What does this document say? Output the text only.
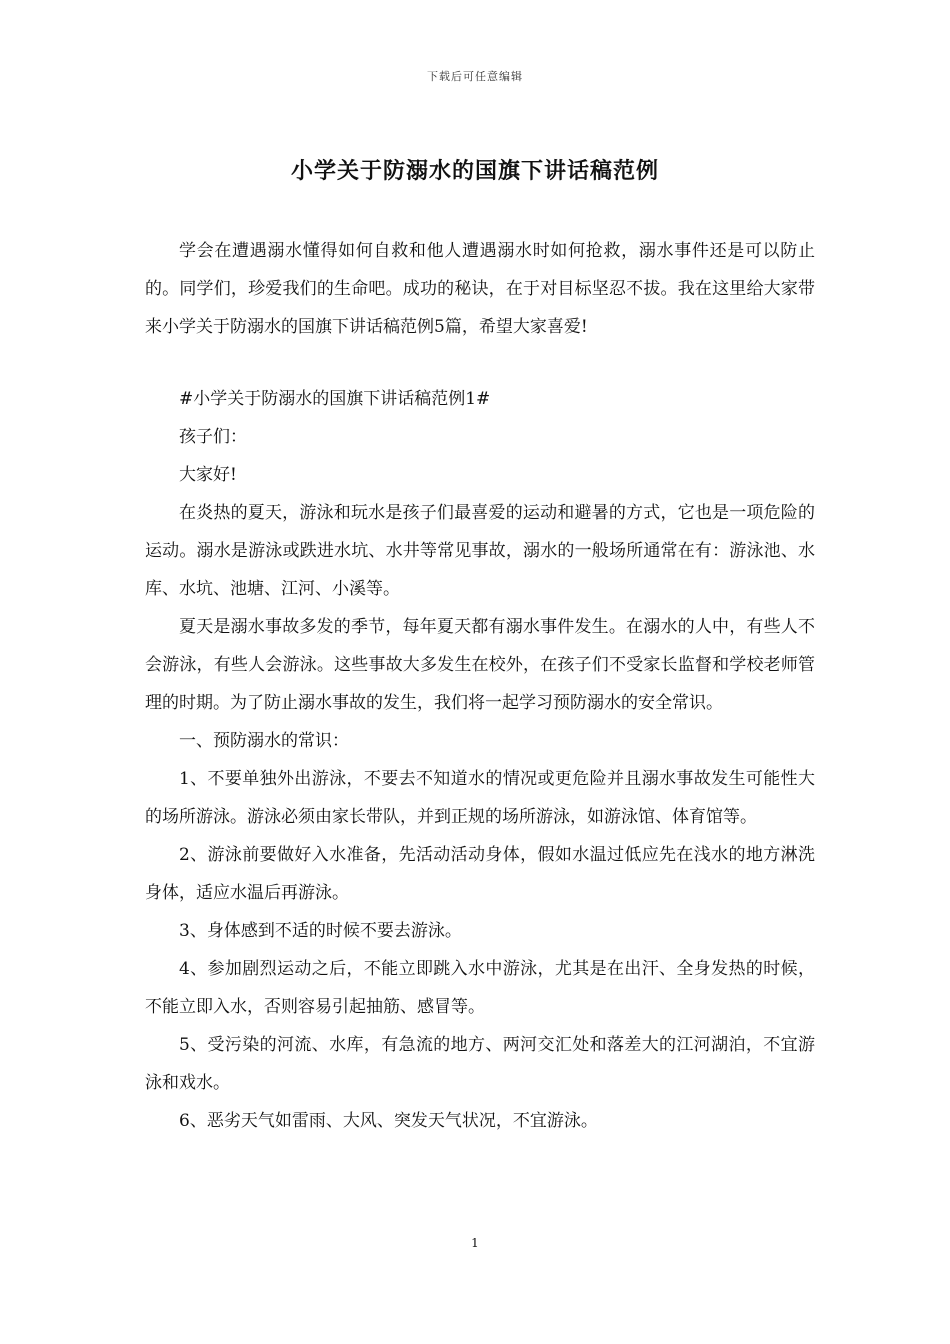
下载后可任意编辑
小学关于防溺水的国旗下讲话稿范例

学会在遭遇溺水懂得如何自救和他人遭遇溺水时如何抢救，溺水事件还是可以防止的。同学们，珍爱我们的生命吧。成功的秘诀，在于对目标坚忍不拔。我在这里给大家带来小学关于防溺水的国旗下讲话稿范例5篇，希望大家喜爱!

#小学关于防溺水的国旗下讲话稿范例1#

孩子们：

大家好!

在炎热的夏天，游泳和玩水是孩子们最喜爱的运动和避暑的方式，它也是一项危险的运动。溺水是游泳或跌进水坑、水井等常见事故，溺水的一般场所通常在有：游泳池、水库、水坑、池塘、江河、小溪等。

夏天是溺水事故多发的季节，每年夏天都有溺水事件发生。在溺水的人中，有些人不会游泳，有些人会游泳。这些事故大多发生在校外，在孩子们不受家长监督和学校老师管理的时期。为了防止溺水事故的发生，我们将一起学习预防溺水的安全常识。

一、预防溺水的常识：

1、不要单独外出游泳，不要去不知道水的情况或更危险并且溺水事故发生可能性大的场所游泳。游泳必须由家长带队，并到正规的场所游泳，如游泳馆、体育馆等。

2、游泳前要做好入水准备，先活动活动身体，假如水温过低应先在浅水的地方淋洗身体，适应水温后再游泳。

3、身体感到不适的时候不要去游泳。

4、参加剧烈运动之后，不能立即跳入水中游泳，尤其是在出汗、全身发热的时候，不能立即入水，否则容易引起抽筋、感冒等。

5、受污染的河流、水库，有急流的地方、两河交汇处和落差大的江河湖泊，不宜游泳和戏水。

6、恶劣天气如雷雨、大风、突发天气状况，不宜游泳。

1
